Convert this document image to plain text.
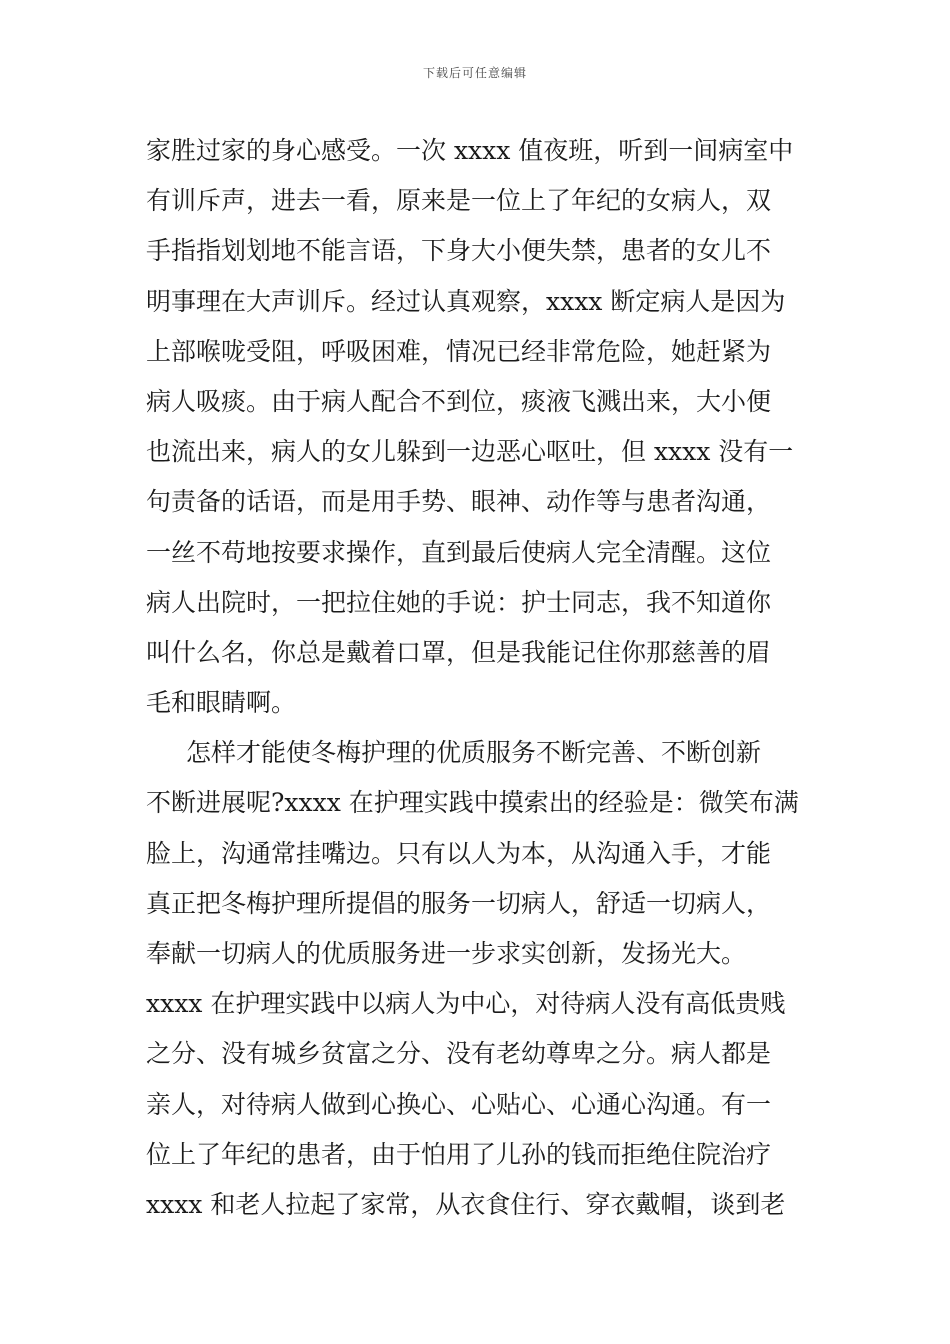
下载后可任意编辑
家胜过家的身心感受。一次 xxxx 值夜班，听到一间病室中
有训斥声，进去一看，原来是一位上了年纪的女病人，双
手指指划划地不能言语，下身大小便失禁，患者的女儿不
明事理在大声训斥。经过认真观察，xxxx 断定病人是因为
上部喉咙受阻，呼吸困难，情况已经非常危险，她赶紧为
病人吸痰。由于病人配合不到位，痰液飞溅出来，大小便
也流出来，病人的女儿躲到一边恶心呕吐，但 xxxx 没有一
句责备的话语，而是用手势、眼神、动作等与患者沟通，
一丝不苟地按要求操作，直到最后使病人完全清醒。这位
病人出院时，一把拉住她的手说：护士同志，我不知道你
叫什么名，你总是戴着口罩，但是我能记住你那慈善的眉
毛和眼睛啊。
怎样才能使冬梅护理的优质服务不断完善、不断创新
不断进展呢?xxxx 在护理实践中摸索出的经验是：微笑布满
脸上，沟通常挂嘴边。只有以人为本，从沟通入手，才能
真正把冬梅护理所提倡的服务一切病人，舒适一切病人，
奉献一切病人的优质服务进一步求实创新，发扬光大。
xxxx 在护理实践中以病人为中心，对待病人没有高低贵贱
之分、没有城乡贫富之分、没有老幼尊卑之分。病人都是
亲人，对待病人做到心换心、心贴心、心通心沟通。有一
位上了年纪的患者，由于怕用了儿孙的钱而拒绝住院治疗
xxxx 和老人拉起了家常，从衣食住行、穿衣戴帽，谈到老
